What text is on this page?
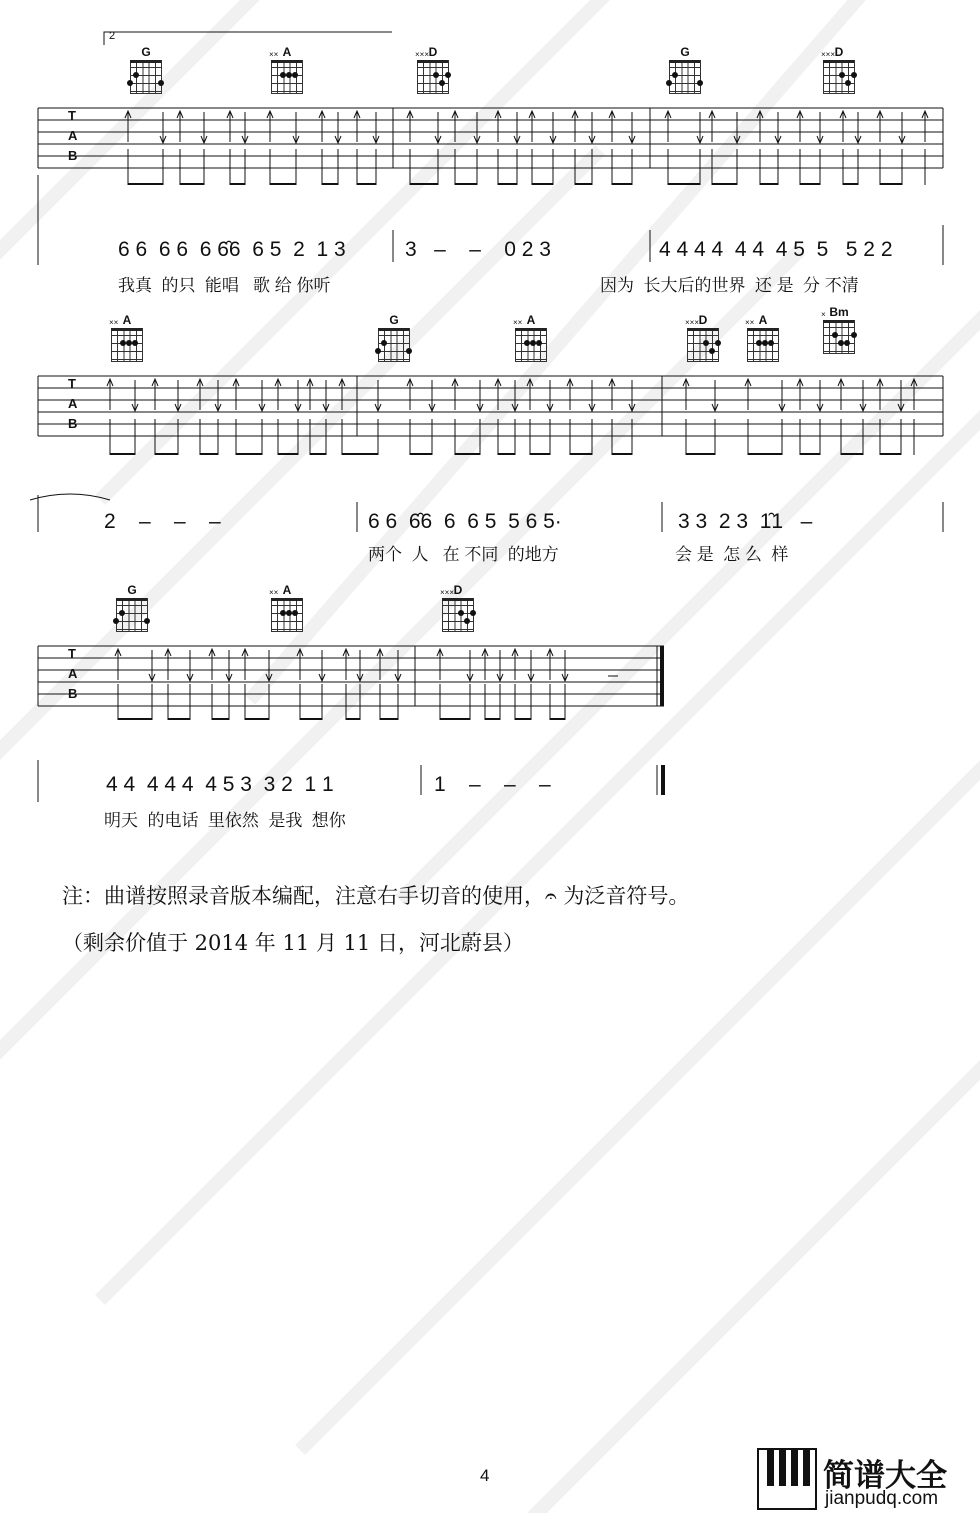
T
A
B
2
G	A
××	D
×××	G	D
×××
6 6  6 6  6 6̑6  6 5  2  1 3	3   –    –    0 2 3	4 4 4 4  4 4  4 5  5   5 2 2
我真  的只  能唱   歌 给 你听	因为  长大后的世界  还 是  分 不清
T
A
B
A
××	G	A
××	D
×××	A
××
Bm
×
2    –    –    –	6 6  6̑6  6  6 5  5 6 5·	3 3  2 3  1̑1   –
两个  人   在 不同  的地方	会 是  怎 么  样
T
A
B
G	A
××	D
×××
4 4  4 4 4  4 5 3  3 2  1 1	1    –    –    –
明天  的电话  里依然  是我  想你
注：曲谱按照录音版本编配，注意右手切音的使用，𝄐 为泛音符号。
（剩余价值于 2014 年 11 月 11 日，河北蔚县）
4	简谱大全
jianpudq.com
